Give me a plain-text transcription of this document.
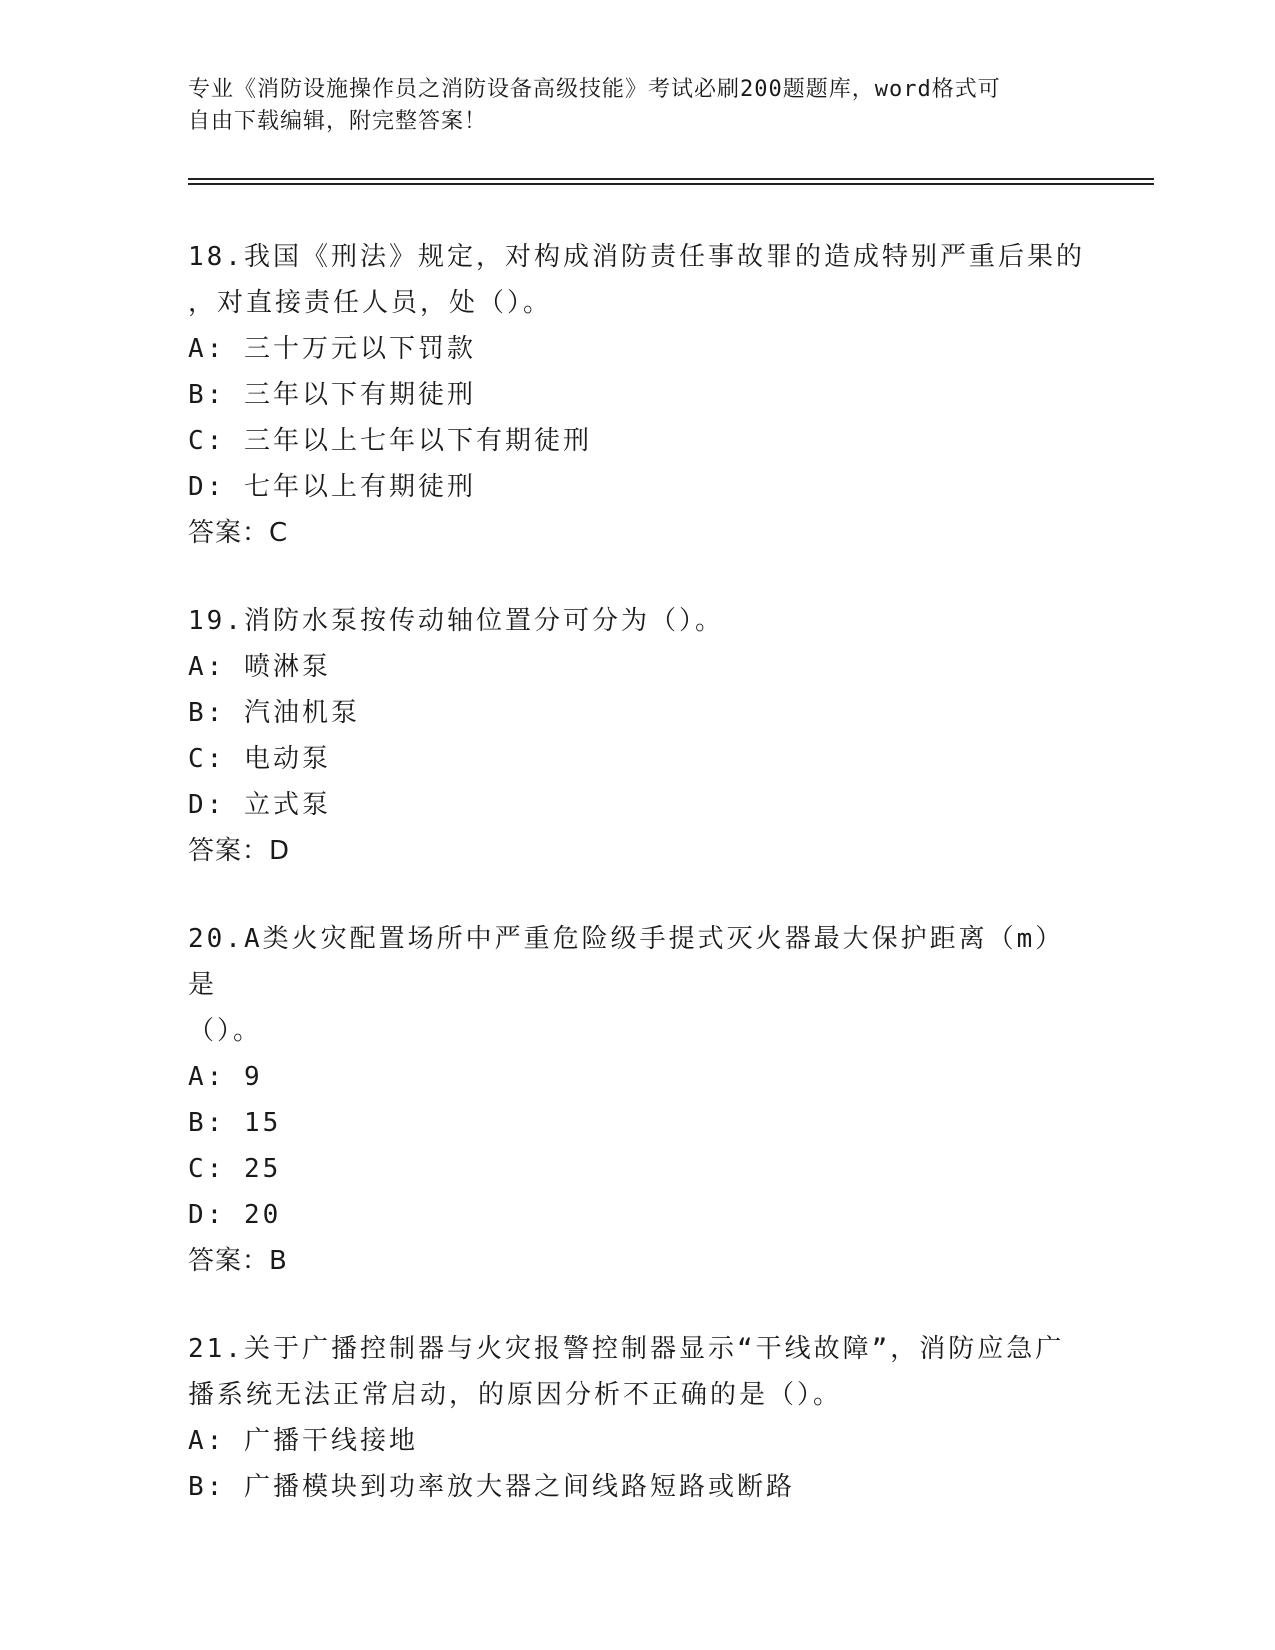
专业《消防设施操作员之消防设备高级技能》考试必刷200题题库，word格式可
自由下载编辑，附完整答案！
18.我国《刑法》规定，对构成消防责任事故罪的造成特别严重后果的
，对直接责任人员，处（）。
A: 三十万元以下罚款
B: 三年以下有期徒刑
C: 三年以上七年以下有期徒刑
D: 七年以上有期徒刑
答案：C
19.消防水泵按传动轴位置分可分为（）。
A: 喷淋泵
B: 汽油机泵
C: 电动泵
D: 立式泵
答案：D
20.A类火灾配置场所中严重危险级手提式灭火器最大保护距离（m）是
（）。
A: 9
B: 15
C: 25
D: 20
答案：B
21.关于广播控制器与火灾报警控制器显示“干线故障”，消防应急广
播系统无法正常启动，的原因分析不正确的是（）。
A: 广播干线接地
B: 广播模块到功率放大器之间线路短路或断路
